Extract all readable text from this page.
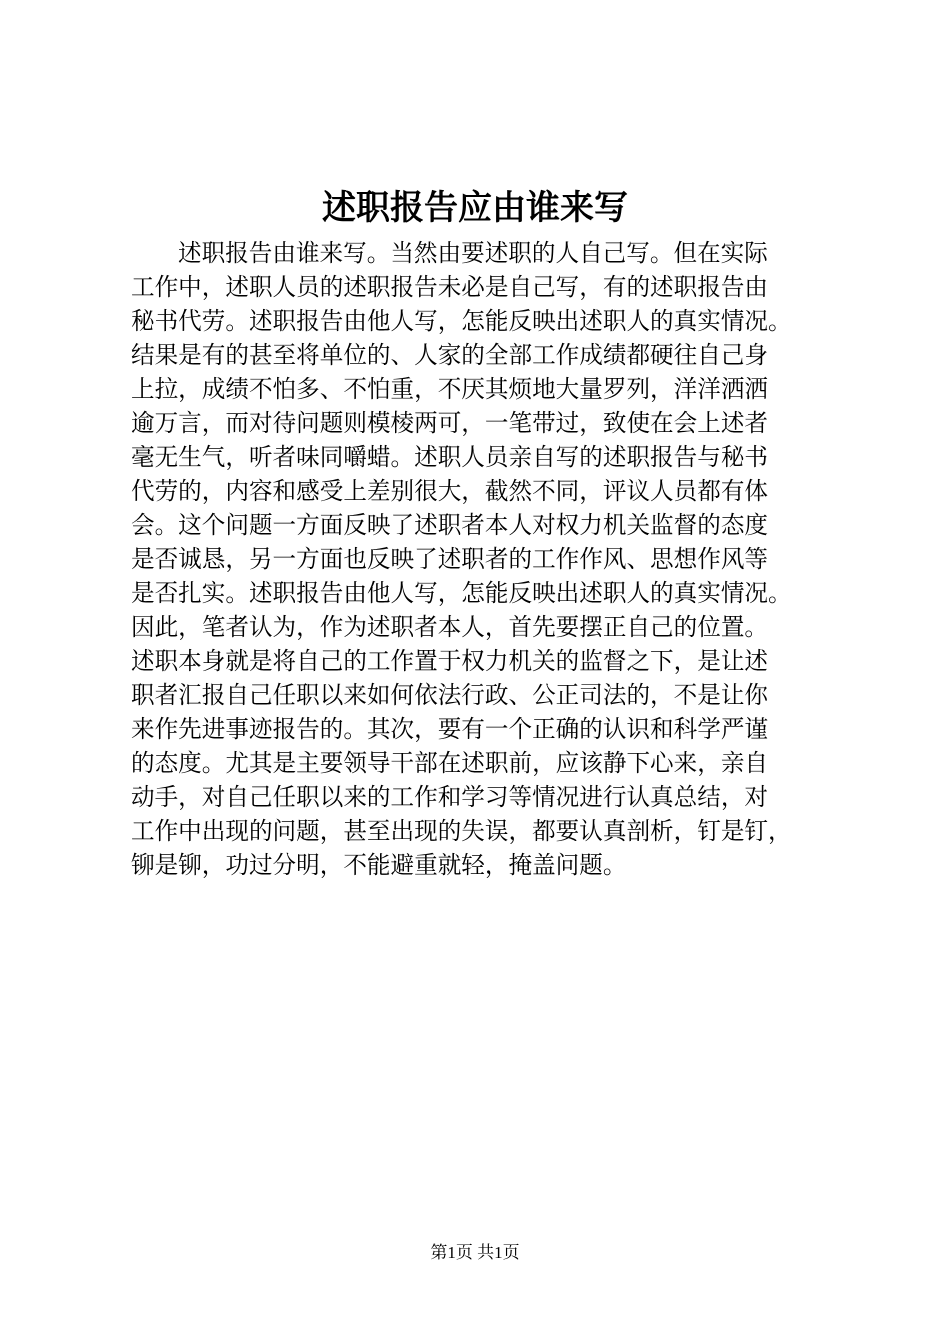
述职报告应由谁来写
述职报告由谁来写。当然由要述职的人自己写。但在实际
工作中，述职人员的述职报告未必是自己写，有的述职报告由
秘书代劳。述职报告由他人写，怎能反映出述职人的真实情况。
结果是有的甚至将单位的、人家的全部工作成绩都硬往自己身
上拉，成绩不怕多、不怕重，不厌其烦地大量罗列，洋洋洒洒
逾万言，而对待问题则模棱两可，一笔带过，致使在会上述者
毫无生气，听者味同嚼蜡。述职人员亲自写的述职报告与秘书
代劳的，内容和感受上差别很大，截然不同，评议人员都有体
会。这个问题一方面反映了述职者本人对权力机关监督的态度
是否诚恳，另一方面也反映了述职者的工作作风、思想作风等
是否扎实。述职报告由他人写，怎能反映出述职人的真实情况。
因此，笔者认为，作为述职者本人，首先要摆正自己的位置。
述职本身就是将自己的工作置于权力机关的监督之下，是让述
职者汇报自己任职以来如何依法行政、公正司法的，不是让你
来作先进事迹报告的。其次，要有一个正确的认识和科学严谨
的态度。尤其是主要领导干部在述职前，应该静下心来，亲自
动手，对自己任职以来的工作和学习等情况进行认真总结，对
工作中出现的问题，甚至出现的失误，都要认真剖析，钉是钉，
铆是铆，功过分明，不能避重就轻，掩盖问题。
第1页 共1页
